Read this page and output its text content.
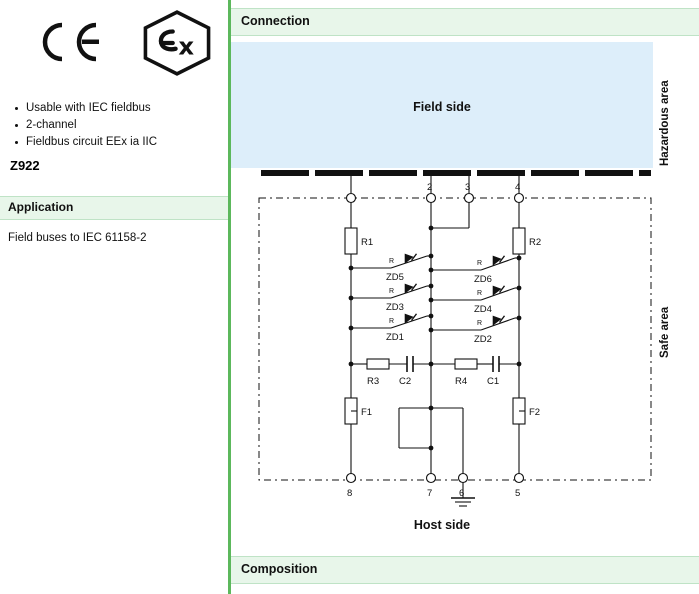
x
Usable with IEC fieldbus
2-channel
Fieldbus circuit EEx ia IIC
Z922
Application
Field buses to IEC 61158-2
Connection
Field side	Hazardous area
Safe area
2	3	4
8	7	6	5
R1	R2
F1	F2
R
ZD5
R
ZD3
R
ZD1
R
ZD6
R
ZD4
R
ZD2
R3 C2	R4 C1
Host side
Composition
